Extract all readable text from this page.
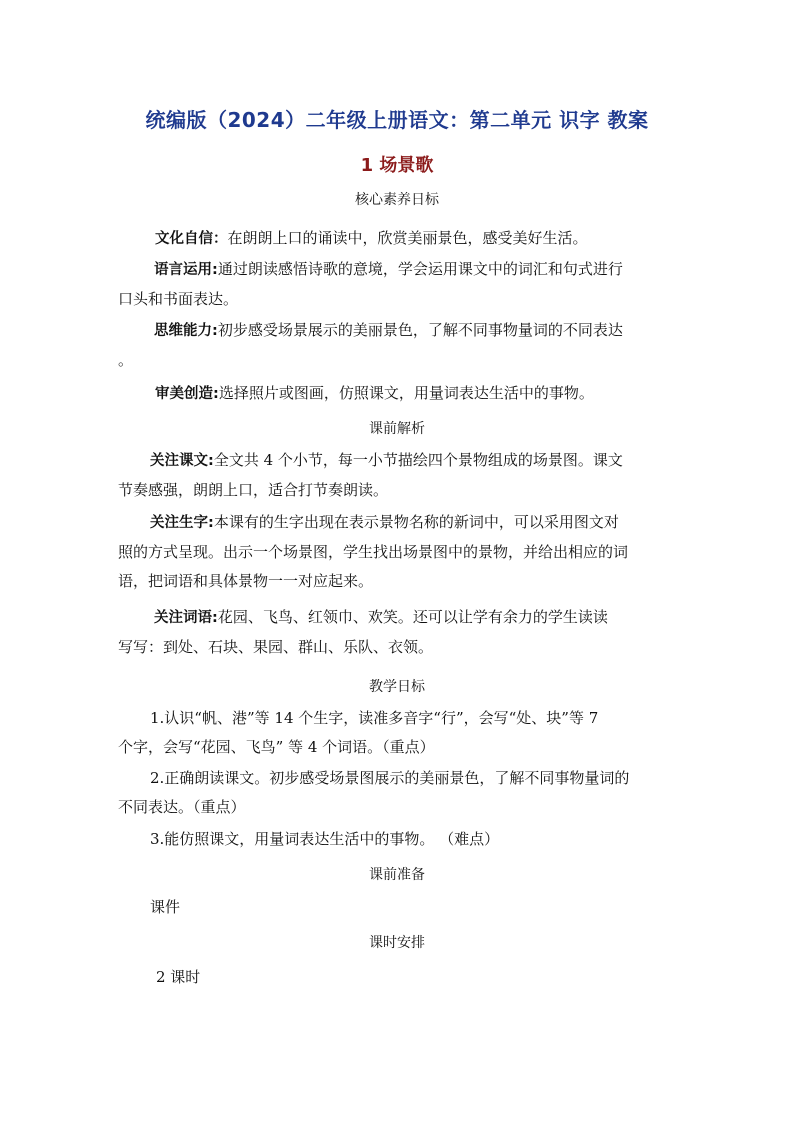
统编版（2024）二年级上册语文：第二单元 识字 教案
1 场景歌
核心素养日标
文化自信：在朗朗上口的诵读中，欣赏美丽景色，感受美好生活。
语言运用:通过朗读感悟诗歌的意境，学会运用课文中的词汇和句式进行
口头和书面表达。
思维能力:初步感受场景展示的美丽景色，了解不同事物量词的不同表达
。
审美创造:选择照片或图画，仿照课文，用量词表达生活中的事物。
课前解析
关注课文:全文共 4 个小节，每一小节描绘四个景物组成的场景图。课文
节奏感强，朗朗上口，适合打节奏朗读。
关注生字:本课有的生字出现在表示景物名称的新词中，可以采用图文对
照的方式呈现。出示一个场景图，学生找出场景图中的景物，并给出相应的词
语，把词语和具体景物一一对应起来。
关注词语:花园、飞鸟、红领巾、欢笑。还可以让学有余力的学生读读
写写：到处、石块、果园、群山、乐队、衣领。
教学日标
1.认识“帆、港”等 14 个生字，读准多音字“行”，会写“处、块”等 7
个字，会写“花园、飞鸟” 等 4 个词语。（重点）
2.正确朗读课文。初步感受场景图展示的美丽景色，了解不同事物量词的
不同表达。（重点）
3.能仿照课文，用量词表达生活中的事物。 （难点）
课前准备
课件
课时安排
2 课时
